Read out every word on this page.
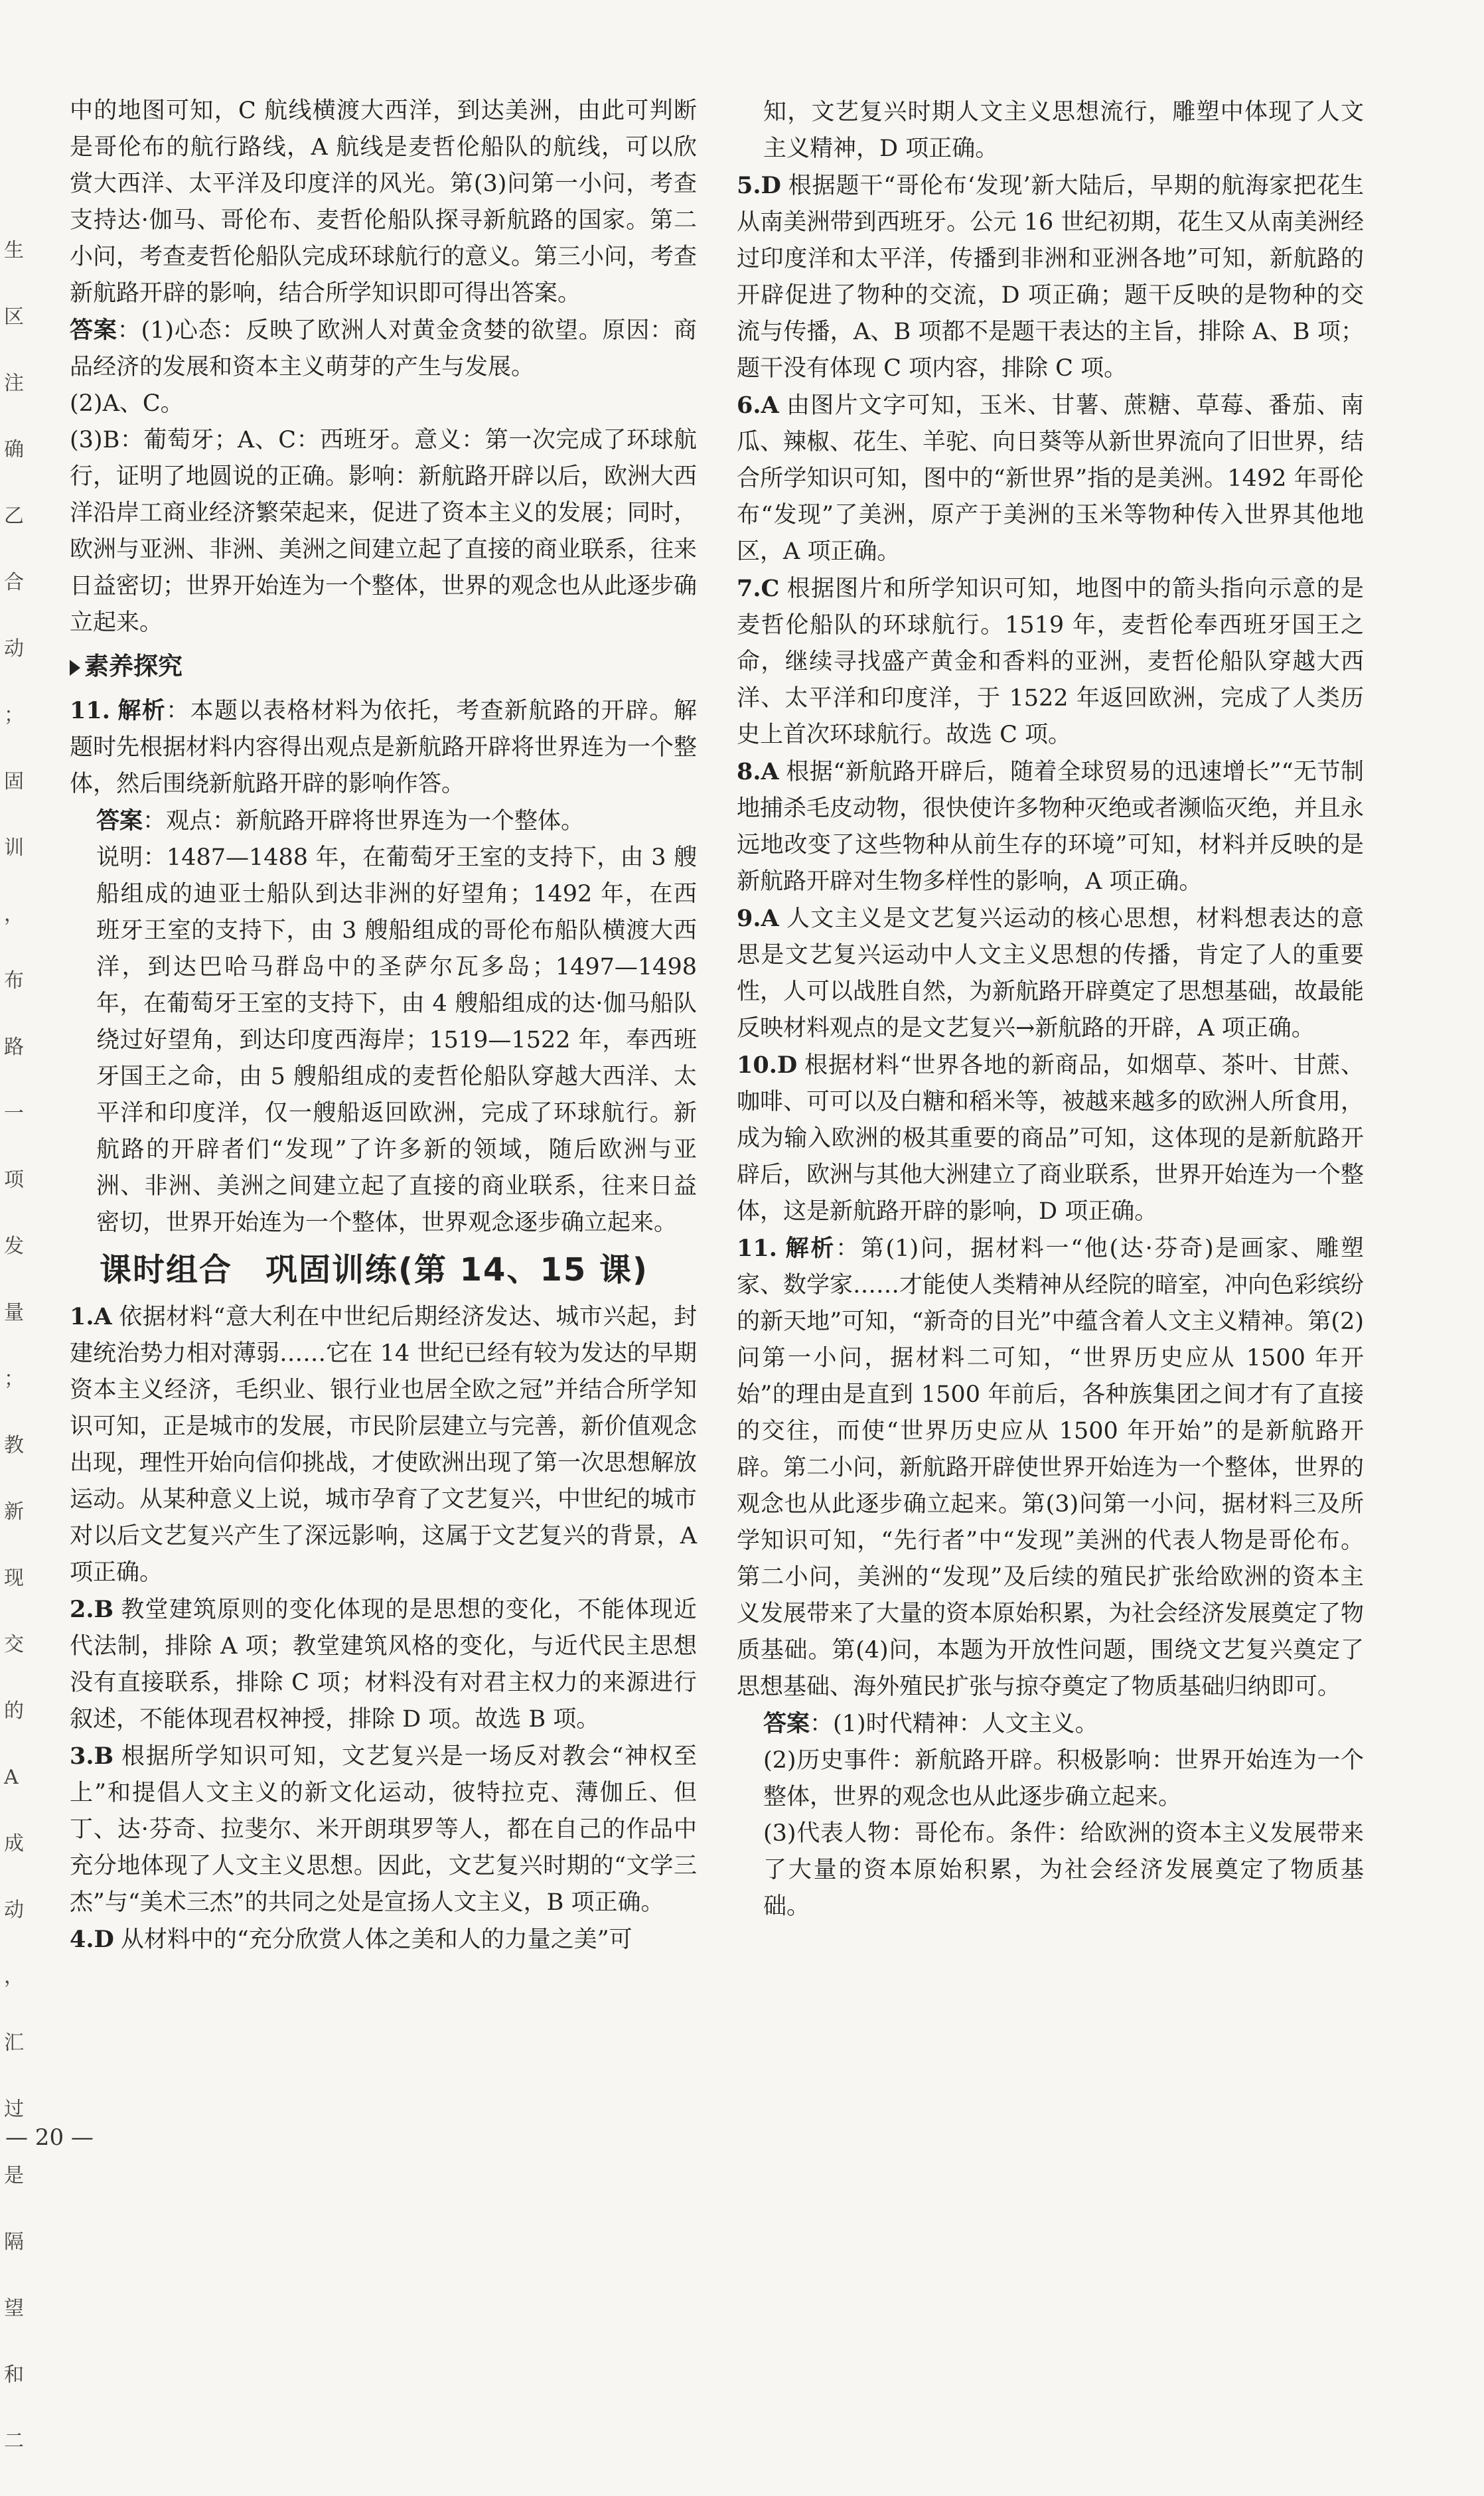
生
区
注
确
乙
合
动
；
固
训
，
布
路
一
项
发
量
；
教
新
现
交
的
A
成
动
，
汇
过
是
隔
望
和
二

中的地图可知，C 航线横渡大西洋，到达美洲，由此可判断是哥伦布的航行路线，A 航线是麦哲伦船队的航线，可以欣赏大西洋、太平洋及印度洋的风光。第(3)问第一小问，考查支持达·伽马、哥伦布、麦哲伦船队探寻新航路的国家。第二小问，考查麦哲伦船队完成环球航行的意义。第三小问，考查新航路开辟的影响，结合所学知识即可得出答案。

答案：(1)心态：反映了欧洲人对黄金贪婪的欲望。原因：商品经济的发展和资本主义萌芽的产生与发展。

(2)A、C。

(3)B：葡萄牙；A、C：西班牙。意义：第一次完成了环球航行，证明了地圆说的正确。影响：新航路开辟以后，欧洲大西洋沿岸工商业经济繁荣起来，促进了资本主义的发展；同时，欧洲与亚洲、非洲、美洲之间建立起了直接的商业联系，往来日益密切；世界开始连为一个整体，世界的观念也从此逐步确立起来。

素养探究

11. 解析：本题以表格材料为依托，考查新航路的开辟。解题时先根据材料内容得出观点是新航路开辟将世界连为一个整体，然后围绕新航路开辟的影响作答。

答案：观点：新航路开辟将世界连为一个整体。

说明：1487—1488 年，在葡萄牙王室的支持下，由 3 艘船组成的迪亚士船队到达非洲的好望角；1492 年，在西班牙王室的支持下，由 3 艘船组成的哥伦布船队横渡大西洋，到达巴哈马群岛中的圣萨尔瓦多岛；1497—1498 年，在葡萄牙王室的支持下，由 4 艘船组成的达·伽马船队绕过好望角，到达印度西海岸；1519—1522 年，奉西班牙国王之命，由 5 艘船组成的麦哲伦船队穿越大西洋、太平洋和印度洋，仅一艘船返回欧洲，完成了环球航行。新航路的开辟者们“发现”了许多新的领域，随后欧洲与亚洲、非洲、美洲之间建立起了直接的商业联系，往来日益密切，世界开始连为一个整体，世界观念逐步确立起来。

课时组合　巩固训练(第 14、15 课)

1.A 依据材料“意大利在中世纪后期经济发达、城市兴起，封建统治势力相对薄弱……它在 14 世纪已经有较为发达的早期资本主义经济，毛织业、银行业也居全欧之冠”并结合所学知识可知，正是城市的发展，市民阶层建立与完善，新价值观念出现，理性开始向信仰挑战，才使欧洲出现了第一次思想解放运动。从某种意义上说，城市孕育了文艺复兴，中世纪的城市对以后文艺复兴产生了深远影响，这属于文艺复兴的背景，A 项正确。

2.B 教堂建筑原则的变化体现的是思想的变化，不能体现近代法制，排除 A 项；教堂建筑风格的变化，与近代民主思想没有直接联系，排除 C 项；材料没有对君主权力的来源进行叙述，不能体现君权神授，排除 D 项。故选 B 项。

3.B 根据所学知识可知，文艺复兴是一场反对教会“神权至上”和提倡人文主义的新文化运动，彼特拉克、薄伽丘、但丁、达·芬奇、拉斐尔、米开朗琪罗等人，都在自己的作品中充分地体现了人文主义思想。因此，文艺复兴时期的“文学三杰”与“美术三杰”的共同之处是宣扬人文主义，B 项正确。

4.D 从材料中的“充分欣赏人体之美和人的力量之美”可

知，文艺复兴时期人文主义思想流行，雕塑中体现了人文主义精神，D 项正确。

5.D 根据题干“哥伦布‘发现’新大陆后，早期的航海家把花生从南美洲带到西班牙。公元 16 世纪初期，花生又从南美洲经过印度洋和太平洋，传播到非洲和亚洲各地”可知，新航路的开辟促进了物种的交流，D 项正确；题干反映的是物种的交流与传播，A、B 项都不是题干表达的主旨，排除 A、B 项；题干没有体现 C 项内容，排除 C 项。

6.A 由图片文字可知，玉米、甘薯、蔗糖、草莓、番茄、南瓜、辣椒、花生、羊驼、向日葵等从新世界流向了旧世界，结合所学知识可知，图中的“新世界”指的是美洲。1492 年哥伦布“发现”了美洲，原产于美洲的玉米等物种传入世界其他地区，A 项正确。

7.C 根据图片和所学知识可知，地图中的箭头指向示意的是麦哲伦船队的环球航行。1519 年，麦哲伦奉西班牙国王之命，继续寻找盛产黄金和香料的亚洲，麦哲伦船队穿越大西洋、太平洋和印度洋，于 1522 年返回欧洲，完成了人类历史上首次环球航行。故选 C 项。

8.A 根据“新航路开辟后，随着全球贸易的迅速增长”“无节制地捕杀毛皮动物，很快使许多物种灭绝或者濒临灭绝，并且永远地改变了这些物种从前生存的环境”可知，材料并反映的是新航路开辟对生物多样性的影响，A 项正确。

9.A 人文主义是文艺复兴运动的核心思想，材料想表达的意思是文艺复兴运动中人文主义思想的传播，肯定了人的重要性，人可以战胜自然，为新航路开辟奠定了思想基础，故最能反映材料观点的是文艺复兴→新航路的开辟，A 项正确。

10.D 根据材料“世界各地的新商品，如烟草、茶叶、甘蔗、咖啡、可可以及白糖和稻米等，被越来越多的欧洲人所食用，成为输入欧洲的极其重要的商品”可知，这体现的是新航路开辟后，欧洲与其他大洲建立了商业联系，世界开始连为一个整体，这是新航路开辟的影响，D 项正确。

11. 解析：第(1)问，据材料一“他(达·芬奇)是画家、雕塑家、数学家……才能使人类精神从经院的暗室，冲向色彩缤纷的新天地”可知，“新奇的目光”中蕴含着人文主义精神。第(2)问第一小问，据材料二可知，“世界历史应从 1500 年开始”的理由是直到 1500 年前后，各种族集团之间才有了直接的交往，而使“世界历史应从 1500 年开始”的是新航路开辟。第二小问，新航路开辟使世界开始连为一个整体，世界的观念也从此逐步确立起来。第(3)问第一小问，据材料三及所学知识可知，“先行者”中“发现”美洲的代表人物是哥伦布。第二小问，美洲的“发现”及后续的殖民扩张给欧洲的资本主义发展带来了大量的资本原始积累，为社会经济发展奠定了物质基础。第(4)问，本题为开放性问题，围绕文艺复兴奠定了思想基础、海外殖民扩张与掠夺奠定了物质基础归纳即可。

答案：(1)时代精神：人文主义。

(2)历史事件：新航路开辟。积极影响：世界开始连为一个整体，世界的观念也从此逐步确立起来。

(3)代表人物：哥伦布。条件：给欧洲的资本主义发展带来了大量的资本原始积累，为社会经济发展奠定了物质基础。

— 20 —
